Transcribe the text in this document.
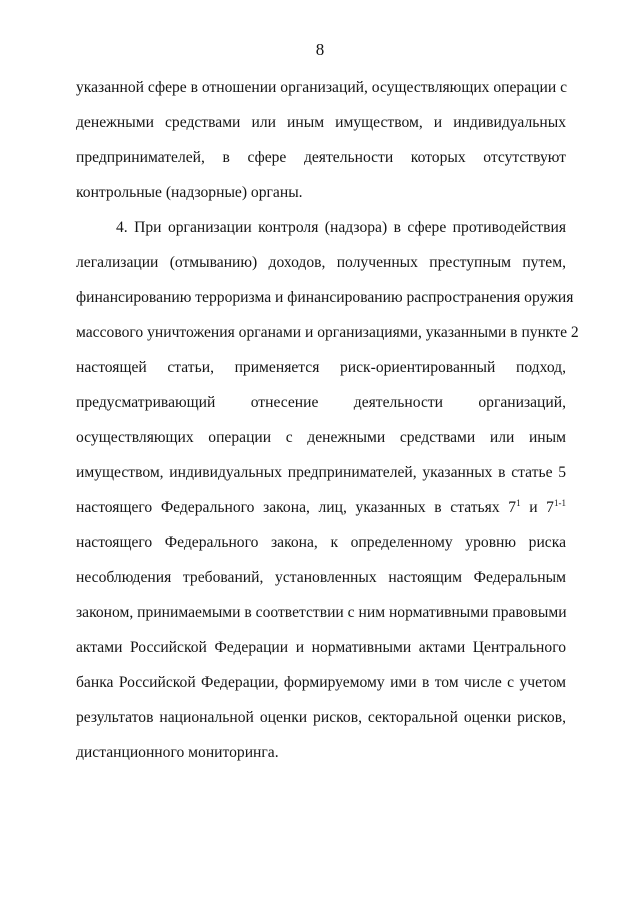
8
указанной сфере в отношении организаций, осуществляющих операции с
денежными средствами или иным имуществом, и индивидуальных
предпринимателей, в сфере деятельности которых отсутствуют
контрольные (надзорные) органы.
4. При организации контроля (надзора) в сфере противодействия
легализации (отмыванию) доходов, полученных преступным путем,
финансированию терроризма и финансированию распространения оружия
массового уничтожения органами и организациями, указанными в пункте 2
настоящей статьи, применяется риск-ориентированный подход,
предусматривающий отнесение деятельности организаций,
осуществляющих операции с денежными средствами или иным
имуществом, индивидуальных предпринимателей, указанных в статье 5
настоящего Федерального закона, лиц, указанных в статьях $7^1$ и 7$^{1-1}$
настоящего Федерального закона, к определенному уровню риска
несоблюдения требований, установленных настоящим Федеральным
законом, принимаемыми в соответствии с ним нормативными правовыми
актами Российской Федерации и нормативными актами Центрального
банка Российской Федерации, формируемому ими в том числе с учетом
результатов национальной оценки рисков, секторальной оценки рисков,
дистанционного мониторинга.
